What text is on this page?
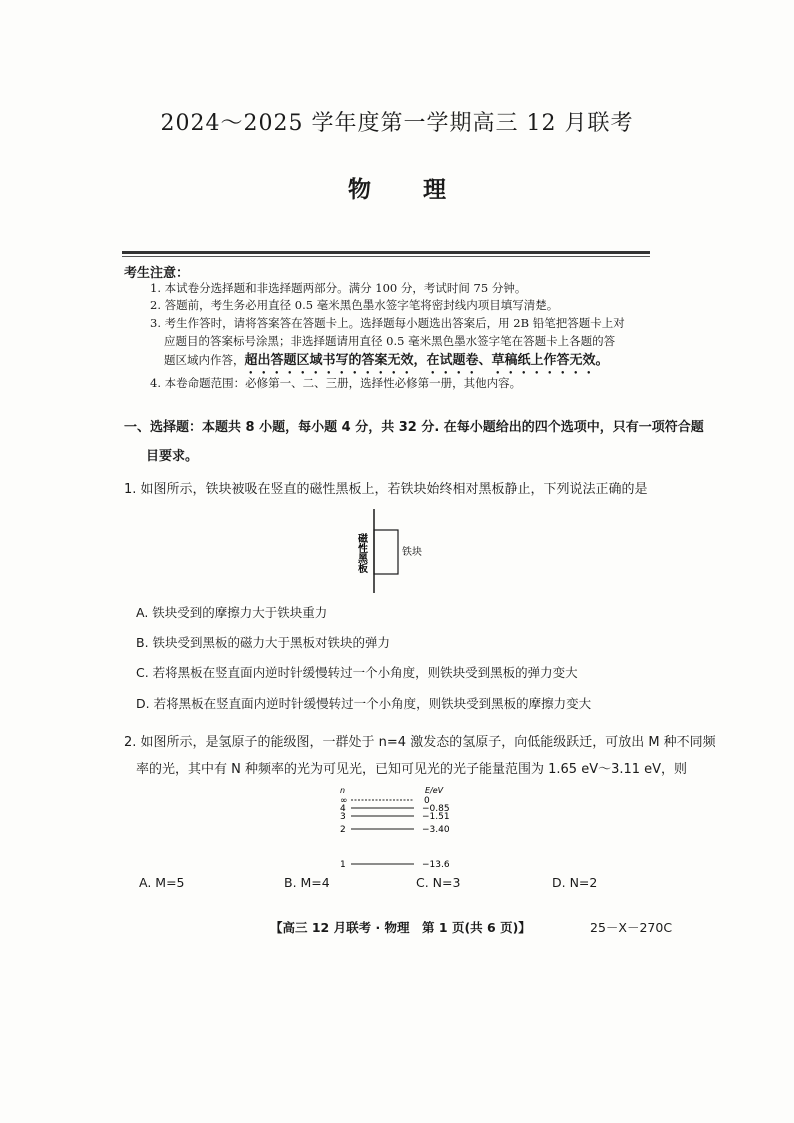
2024～2025 学年度第一学期高三 12 月联考
物 理
考生注意：
1. 本试卷分选择题和非选择题两部分。满分 100 分，考试时间 75 分钟。
2. 答题前，考生务必用直径 0.5 毫米黑色墨水签字笔将密封线内项目填写清楚。
3. 考生作答时，请将答案答在答题卡上。选择题每小题选出答案后，用 2B 铅笔把答题卡上对
应题目的答案标号涂黑；非选择题请用直径 0.5 毫米黑色墨水签字笔在答题卡上各题的答
题区域内作答，超出答题区域书写的答案无效，在试题卷、草稿纸上作答无效。
4. 本卷命题范围：必修第一、二、三册，选择性必修第一册，其他内容。
一、选择题：本题共 8 小题，每小题 4 分，共 32 分. 在每小题给出的四个选项中，只有一项符合题
目要求。
1. 如图所示，铁块被吸在竖直的磁性黑板上，若铁块始终相对黑板静止，下列说法正确的是
磁性黑板	铁块
A. 铁块受到的摩擦力大于铁块重力
B. 铁块受到黑板的磁力大于黑板对铁块的弹力
C. 若将黑板在竖直面内逆时针缓慢转过一个小角度，则铁块受到黑板的弹力变大
D. 若将黑板在竖直面内逆时针缓慢转过一个小角度，则铁块受到黑板的摩擦力变大
2. 如图所示，是氢原子的能级图，一群处于 n=4 激发态的氢原子，向低能级跃迁，可放出 M 种不同频
率的光，其中有 N 种频率的光为可见光，已知可见光的光子能量范围为 1.65 eV～3.11 eV，则
n	E/eV
∞	0
4	−0.85
3	−1.51
2	−3.40
1	−13.6
A. M=5	B. M=4	C. N=3	D. N=2
【高三 12 月联考 · 物理　第 1 页(共 6 页)】	25－X－270C
